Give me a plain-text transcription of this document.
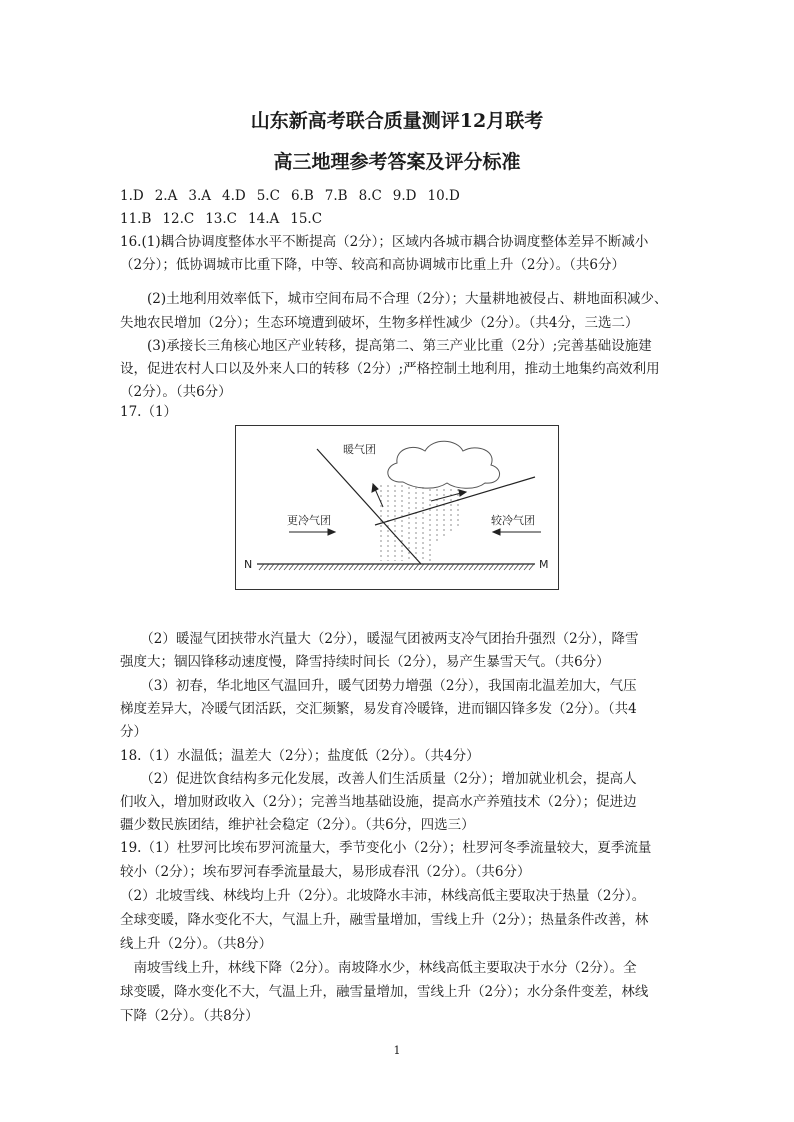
山东新高考联合质量测评12月联考
高三地理参考答案及评分标准
1.D 2.A 3.A 4.D 5.C 6.B 7.B 8.C 9.D 10.D
11.B 12.C 13.C 14.A 15.C
16.(1)耦合协调度整体水平不断提高（2分）；区域内各城市耦合协调度整体差异不断减小
（2分）；低协调城市比重下降，中等、较高和高协调城市比重上升（2分）。（共6分）
　　(2)土地利用效率低下，城市空间布局不合理（2分）；大量耕地被侵占、耕地面积减少、
失地农民增加（2分）；生态环境遭到破坏，生物多样性减少（2分）。（共4分，三选二）
　　(3)承接长三角核心地区产业转移，提高第二、第三产业比重（2分）;完善基础设施建
设，促进农村人口以及外来人口的转移（2分）;严格控制土地利用，推动土地集约高效利用
（2分）。（共6分）
17.（1）
暖气团
更冷气团	较冷气团
N	M
　　（2）暖湿气团挟带水汽量大（2分），暖湿气团被两支冷气团抬升强烈（2分），降雪
强度大；锢囚锋移动速度慢，降雪持续时间长（2分），易产生暴雪天气。（共6分）
　　（3）初春，华北地区气温回升，暖气团势力增强（2分），我国南北温差加大，气压
梯度差异大，冷暖气团活跃，交汇频繁，易发育冷暖锋，进而锢囚锋多发（2分）。（共4
分）
18.（1）水温低；温差大（2分）；盐度低（2分）。（共4分）
　　（2）促进饮食结构多元化发展，改善人们生活质量（2分）；增加就业机会，提高人
们收入，增加财政收入（2分）；完善当地基础设施，提高水产养殖技术（2分）；促进边
疆少数民族团结，维护社会稳定（2分）。（共6分，四选三）
19.（1）杜罗河比埃布罗河流量大，季节变化小（2分）；杜罗河冬季流量较大，夏季流量
较小（2分）；埃布罗河春季流量最大，易形成春汛（2分）。（共6分）
（2）北坡雪线、林线均上升（2分）。北坡降水丰沛，林线高低主要取决于热量（2分）。
全球变暖，降水变化不大，气温上升，融雪量增加，雪线上升（2分）；热量条件改善，林
线上升（2分）。（共8分）
　南坡雪线上升，林线下降（2分）。南坡降水少，林线高低主要取决于水分（2分）。全
球变暖，降水变化不大，气温上升，融雪量增加，雪线上升（2分）；水分条件变差，林线
下降（2分）。（共8分）
1
